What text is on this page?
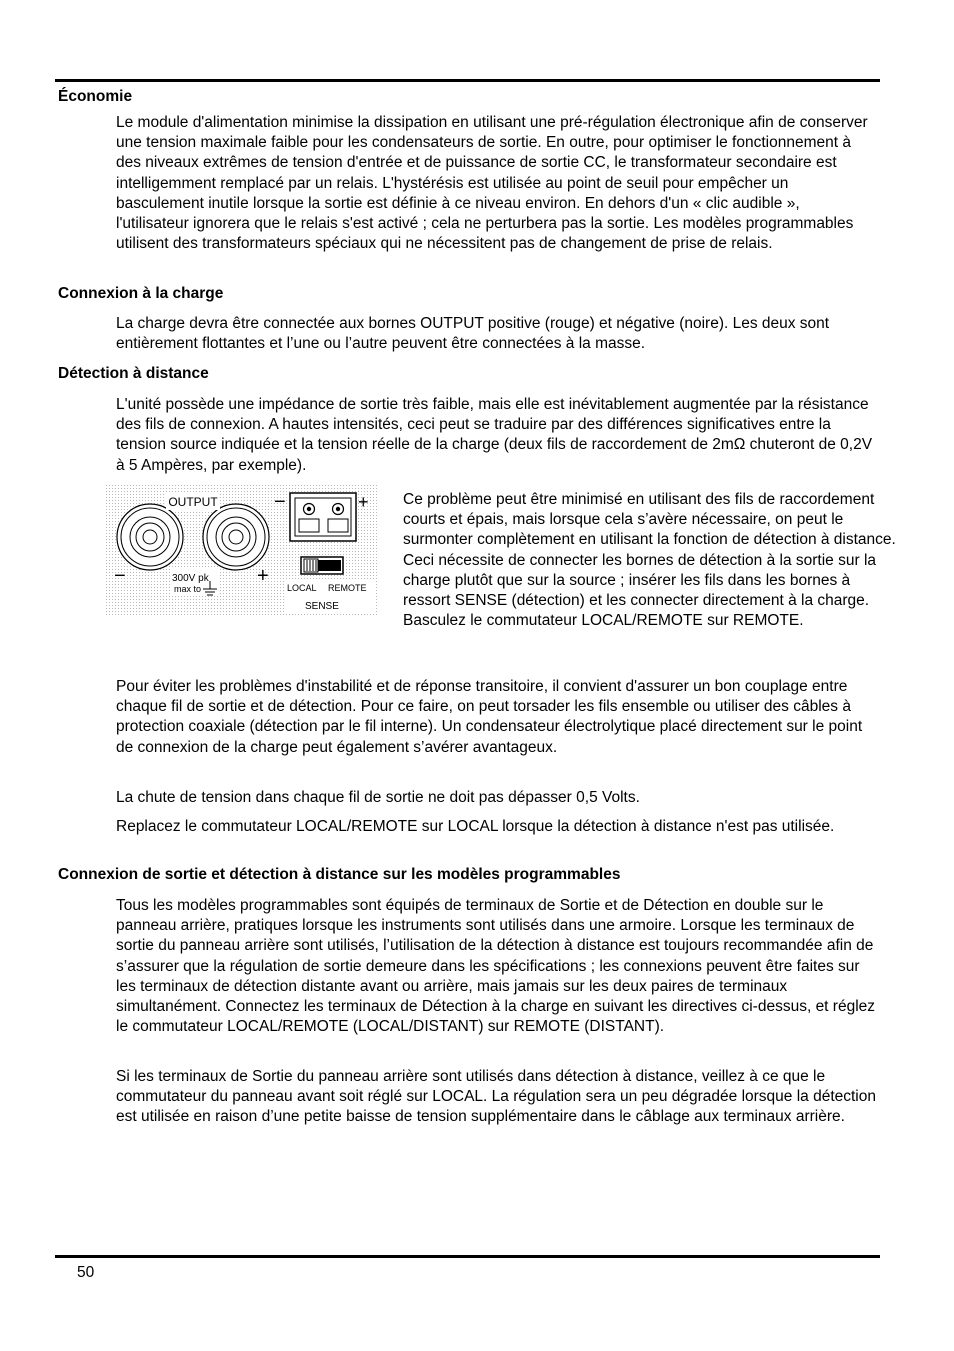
Économie

Le module d'alimentation minimise la dissipation en utilisant une pré-régulation électronique afin de conserver une tension maximale faible pour les condensateurs de sortie. En outre, pour optimiser le fonctionnement à des niveaux extrêmes de tension d'entrée et de puissance de sortie CC, le transformateur secondaire est intelligemment remplacé par un relais. L'hystérésis est utilisée au point de seuil pour empêcher un basculement inutile lorsque la sortie est définie à ce niveau environ. En dehors d'un « clic audible », l'utilisateur ignorera que le relais s'est activé ; cela ne perturbera pas la sortie. Les modèles programmables utilisent des transformateurs spéciaux qui ne nécessitent pas de changement de prise de relais.

Connexion à la charge

La charge devra être connectée aux bornes OUTPUT positive (rouge) et négative (noire). Les deux sont entièrement flottantes et l’une ou l’autre peuvent être connectées à la masse.

Détection à distance

L'unité possède une impédance de sortie très faible, mais elle est inévitablement augmentée par la résistance des fils de connexion. A hautes intensités, ceci peut se traduire par des différences significatives entre la tension source indiquée et la tension réelle de la charge (deux fils de raccordement de 2mΩ chuteront de 0,2V à 5 Ampères, par exemple).

OUTPUT
−	+
300V pk
max to
−	+
LOCAL REMOTE
SENSE

Ce problème peut être minimisé en utilisant des fils de raccordement courts et épais, mais lorsque cela s’avère nécessaire, on peut le surmonter complètement en utilisant la fonction de détection à distance. Ceci nécessite de connecter les bornes de détection à la sortie sur la charge plutôt que sur la source ; insérer les fils dans les bornes à ressort SENSE (détection) et les connecter directement à la charge. Basculez le commutateur LOCAL/REMOTE sur REMOTE.

Pour éviter les problèmes d'instabilité et de réponse transitoire, il convient d'assurer un bon couplage entre chaque fil de sortie et de détection. Pour ce faire, on peut torsader les fils ensemble ou utiliser des câbles à protection coaxiale (détection par le fil interne). Un condensateur électrolytique placé directement sur le point de connexion de la charge peut également s’avérer avantageux.

La chute de tension dans chaque fil de sortie ne doit pas dépasser 0,5 Volts.

Replacez le commutateur LOCAL/REMOTE sur LOCAL lorsque la détection à distance n'est pas utilisée.

Connexion de sortie et détection à distance sur les modèles programmables

Tous les modèles programmables sont équipés de terminaux de Sortie et de Détection en double sur le panneau arrière, pratiques lorsque les instruments sont utilisés dans une armoire. Lorsque les terminaux de sortie du panneau arrière sont utilisés, l’utilisation de la détection à distance est toujours recommandée afin de s’assurer que la régulation de sortie demeure dans les spécifications ; les connexions peuvent être faites sur les terminaux de détection distante avant ou arrière, mais jamais sur les deux paires de terminaux simultanément. Connectez les terminaux de Détection à la charge en suivant les directives ci-dessus, et réglez le commutateur LOCAL/REMOTE (LOCAL/DISTANT) sur REMOTE (DISTANT).

Si les terminaux de Sortie du panneau arrière sont utilisés dans détection à distance, veillez à ce que le commutateur du panneau avant soit réglé sur LOCAL. La régulation sera un peu dégradée lorsque la détection est utilisée en raison d’une petite baisse de tension supplémentaire dans le câblage aux terminaux arrière.

50
